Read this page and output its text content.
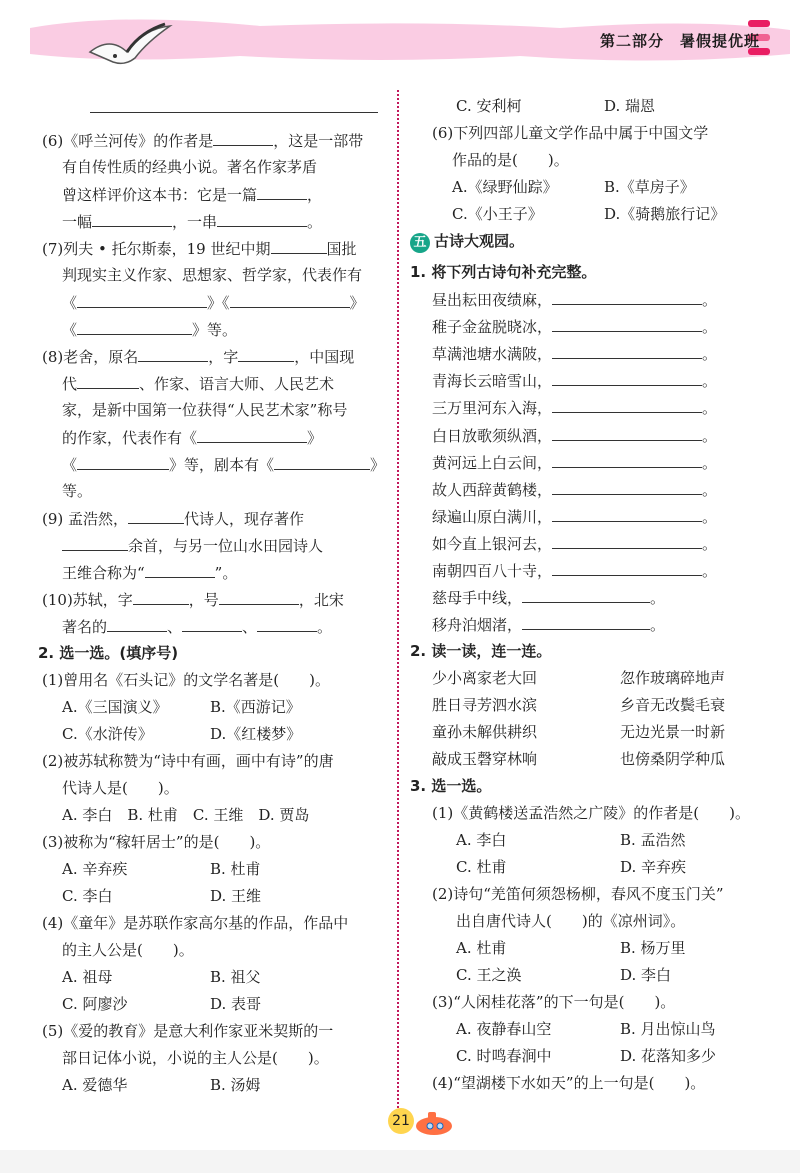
第二部分　暑假提优班
(6)《呼兰河传》的作者是	，这是一部带
有自传性质的经典小说。著名作家茅盾
曾这样评价这本书：它是一篇	，
一幅	，一串	。
(7)列夫 • 托尔斯泰，19 世纪中期	国批
判现实主义作家、思想家、哲学家，代表作有
《	》《	》
《	》等。
(8)老舍，原名	，字	，中国现
代	、作家、语言大师、人民艺术
家，是新中国第一位获得“人民艺术家”称号
的作家，代表作有《	》
《	》等，剧本有《	》
等。
(9) 孟浩然，	代诗人，现存著作
余首，与另一位山水田园诗人
王维合称为“	”。
(10)苏轼，字	，号	，北宋
著名的	、	、	。
2. 选一选。(填序号)
(1)曾用名《石头记》的文学名著是(　　)。
A.《三国演义》	B.《西游记》
C.《水浒传》	D.《红楼梦》
(2)被苏轼称赞为“诗中有画，画中有诗”的唐
代诗人是(　　)。
A. 李白　B. 杜甫　C. 王维　D. 贾岛
(3)被称为“稼轩居士”的是(　　)。
A. 辛弃疾	B. 杜甫
C. 李白	D. 王维
(4)《童年》是苏联作家高尔基的作品，作品中
的主人公是(　　)。
A. 祖母	B. 祖父
C. 阿廖沙	D. 表哥
(5)《爱的教育》是意大利作家亚米契斯的一
部日记体小说，小说的主人公是(　　)。
A. 爱德华	B. 汤姆
C. 安利柯	D. 瑞恩
(6)下列四部儿童文学作品中属于中国文学
作品的是(　　)。
A.《绿野仙踪》	B.《草房子》
C.《小王子》	D.《骑鹅旅行记》
五 古诗大观园。
1. 将下列古诗句补充完整。
昼出耘田夜绩麻，	。
稚子金盆脱晓冰，	。
草满池塘水满陂，	。
青海长云暗雪山，	。
三万里河东入海，	。
白日放歌须纵酒，	。
黄河远上白云间，	。
故人西辞黄鹤楼，	。
绿遍山原白满川，	。
如今直上银河去，	。
南朝四百八十寺，	。
慈母手中线，	。
移舟泊烟渚，	。
2. 读一读，连一连。
少小离家老大回	忽作玻璃碎地声
胜日寻芳泗水滨	乡音无改鬓毛衰
童孙未解供耕织	无边光景一时新
敲成玉磬穿林响	也傍桑阴学种瓜
3. 选一选。
(1)《黄鹤楼送孟浩然之广陵》的作者是(　　)。
A. 李白	B. 孟浩然
C. 杜甫	D. 辛弃疾
(2)诗句“羌笛何须怨杨柳，春风不度玉门关”
出自唐代诗人(　　)的《凉州词》。
A. 杜甫	B. 杨万里
C. 王之涣	D. 李白
(3)“人闲桂花落”的下一句是(　　)。
A. 夜静春山空	B. 月出惊山鸟
C. 时鸣春涧中	D. 花落知多少
(4)“望湖楼下水如天”的上一句是(　　)。
21
